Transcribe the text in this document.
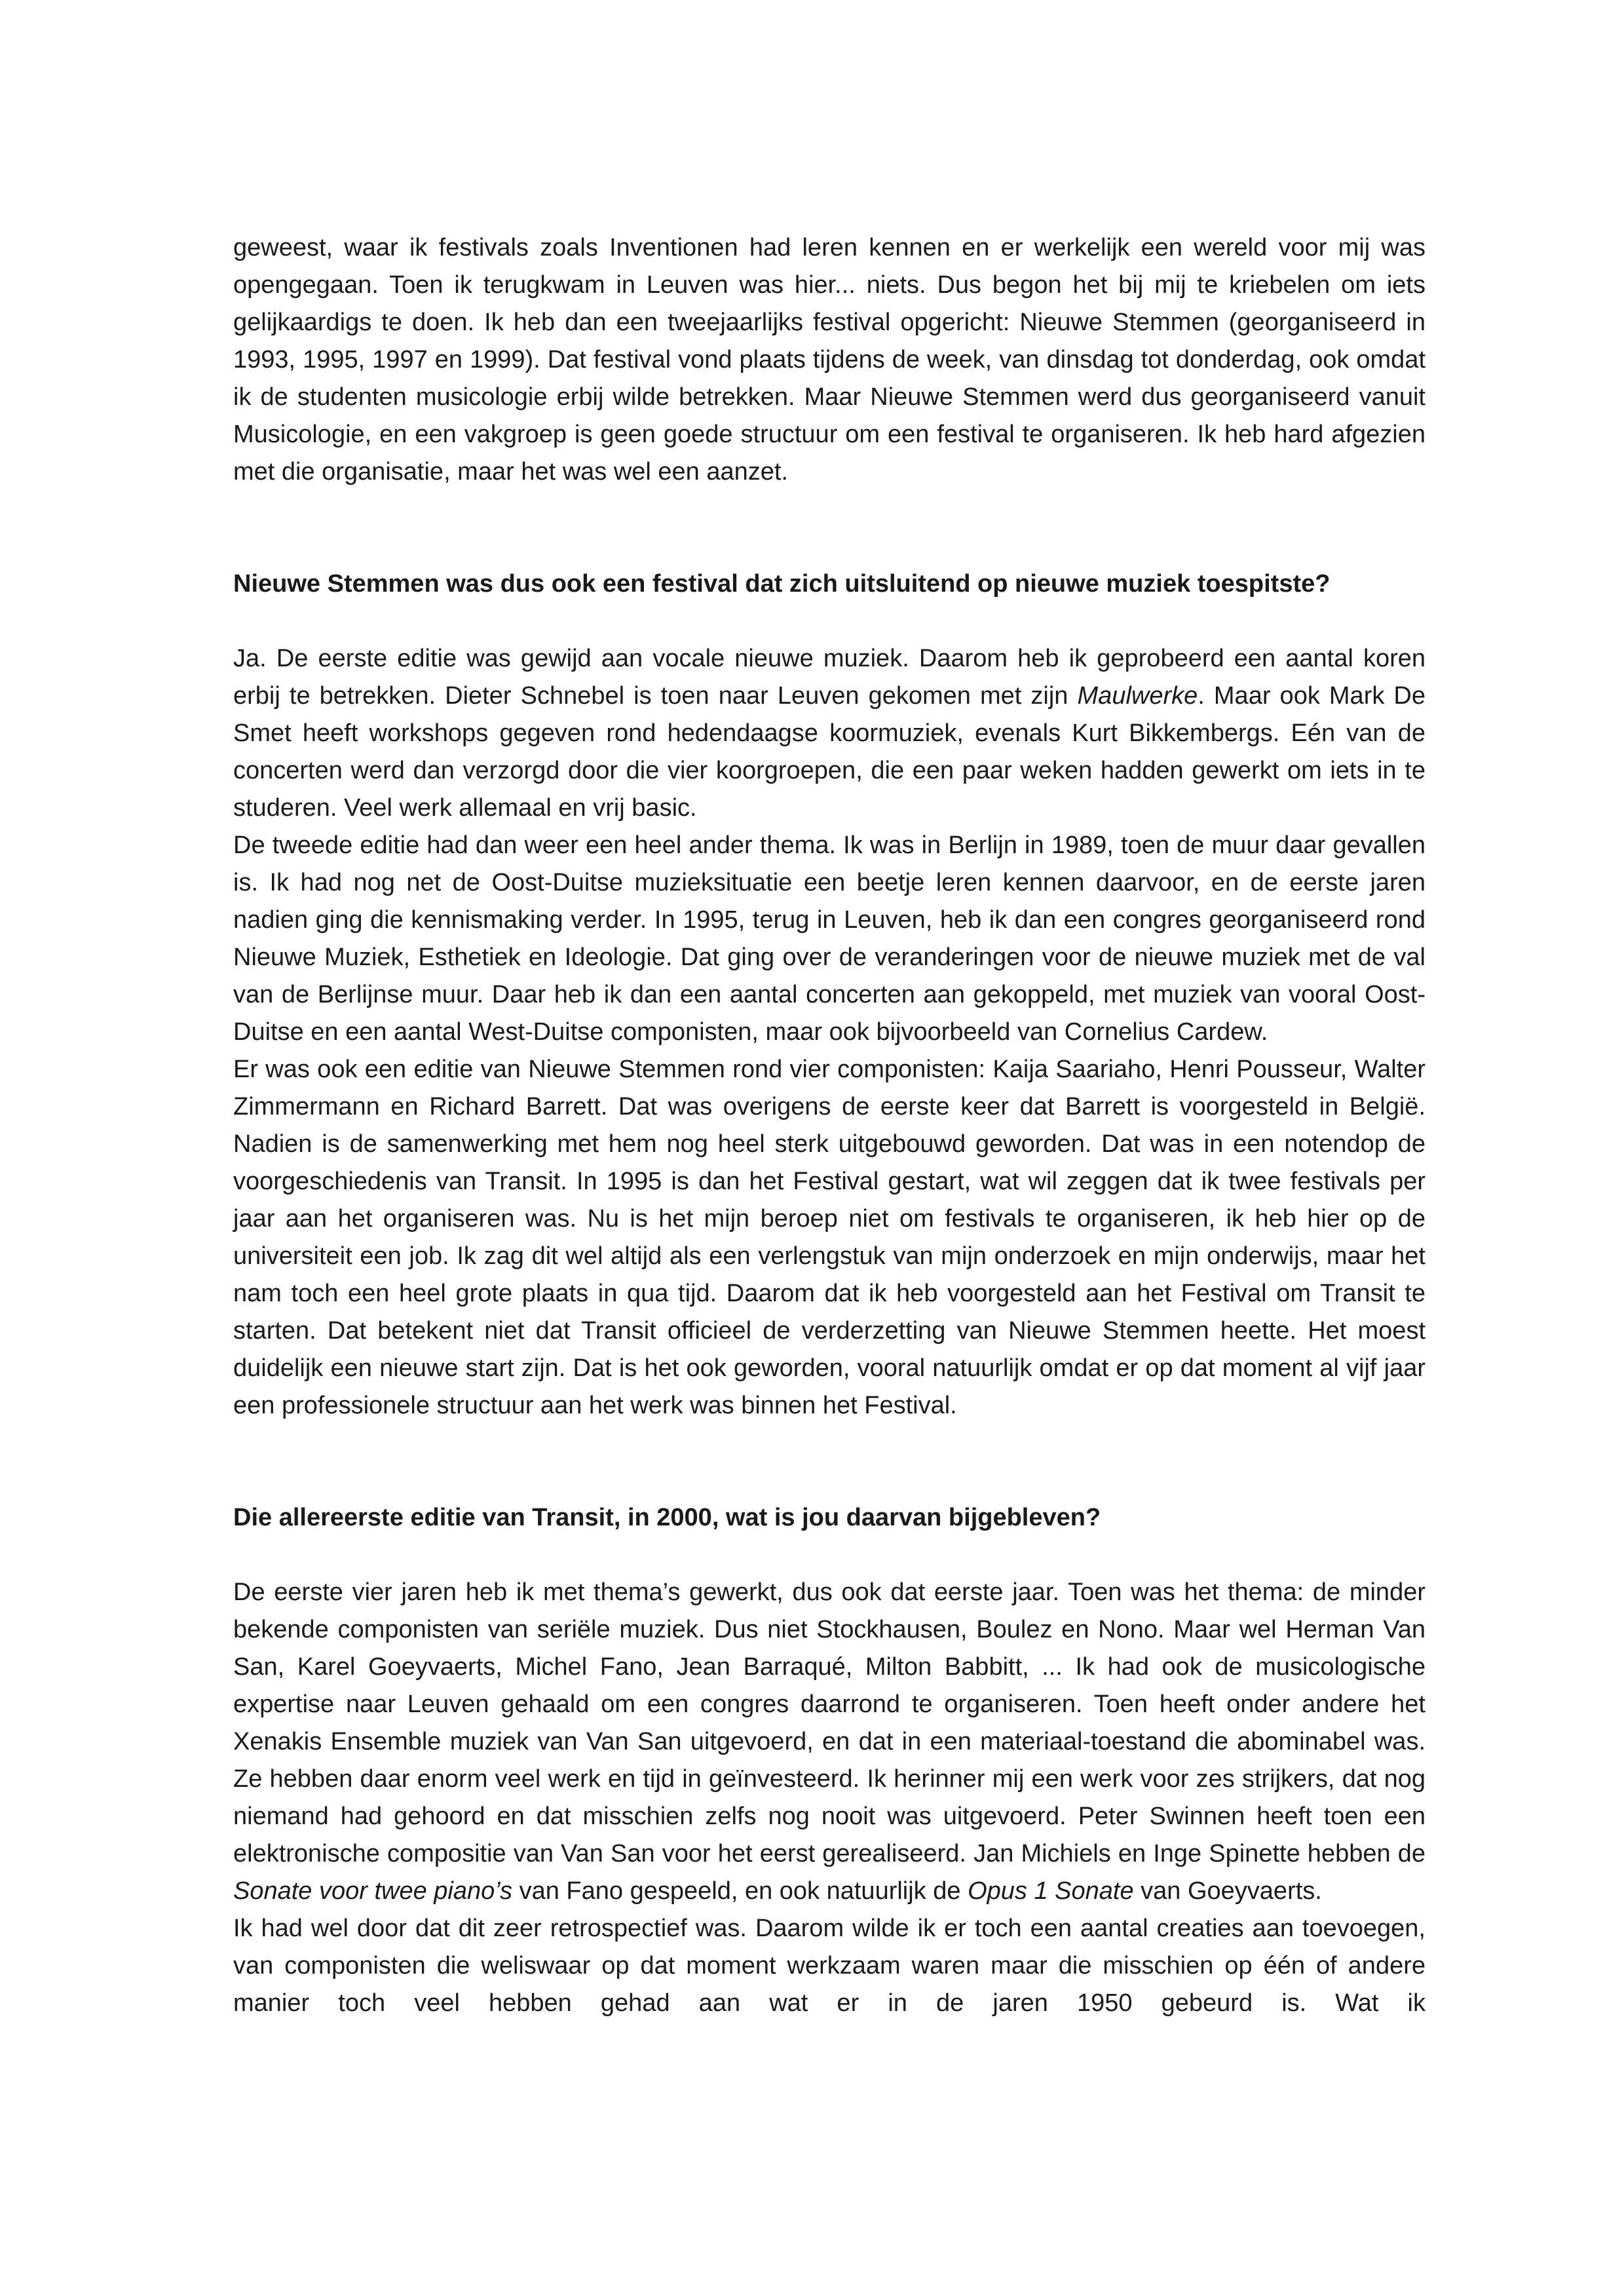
geweest, waar ik festivals zoals Inventionen had leren kennen en er werkelijk een wereld voor mij was opengegaan. Toen ik terugkwam in Leuven was hier... niets. Dus begon het bij mij te kriebelen om iets gelijkaardigs te doen. Ik heb dan een tweejaarlijks festival opgericht: Nieuwe Stemmen (georganiseerd in 1993, 1995, 1997 en 1999). Dat festival vond plaats tijdens de week, van dinsdag tot donderdag, ook omdat ik de studenten musicologie erbij wilde betrekken. Maar Nieuwe Stemmen werd dus georganiseerd vanuit Musicologie, en een vakgroep is geen goede structuur om een festival te organiseren. Ik heb hard afgezien met die organisatie, maar het was wel een aanzet.

Nieuwe Stemmen was dus ook een festival dat zich uitsluitend op nieuwe muziek toespitste?

Ja. De eerste editie was gewijd aan vocale nieuwe muziek. Daarom heb ik geprobeerd een aantal koren erbij te betrekken. Dieter Schnebel is toen naar Leuven gekomen met zijn Maulwerke. Maar ook Mark De Smet heeft workshops gegeven rond hedendaagse koormuziek, evenals Kurt Bikkembergs. Eén van de concerten werd dan verzorgd door die vier koorgroepen, die een paar weken hadden gewerkt om iets in te studeren. Veel werk allemaal en vrij basic.

De tweede editie had dan weer een heel ander thema. Ik was in Berlijn in 1989, toen de muur daar gevallen is. Ik had nog net de Oost-Duitse muzieksituatie een beetje leren kennen daarvoor, en de eerste jaren nadien ging die kennismaking verder. In 1995, terug in Leuven, heb ik dan een congres georganiseerd rond Nieuwe Muziek, Esthetiek en Ideologie. Dat ging over de veranderingen voor de nieuwe muziek met de val van de Berlijnse muur. Daar heb ik dan een aantal concerten aan gekoppeld, met muziek van vooral Oost-Duitse en een aantal West-Duitse componisten, maar ook bijvoorbeeld van Cornelius Cardew.

Er was ook een editie van Nieuwe Stemmen rond vier componisten: Kaija Saariaho, Henri Pousseur, Walter Zimmermann en Richard Barrett. Dat was overigens de eerste keer dat Barrett is voorgesteld in België. Nadien is de samenwerking met hem nog heel sterk uitgebouwd geworden. Dat was in een notendop de voorgeschiedenis van Transit. In 1995 is dan het Festival gestart, wat wil zeggen dat ik twee festivals per jaar aan het organiseren was. Nu is het mijn beroep niet om festivals te organiseren, ik heb hier op de universiteit een job. Ik zag dit wel altijd als een verlengstuk van mijn onderzoek en mijn onderwijs, maar het nam toch een heel grote plaats in qua tijd. Daarom dat ik heb voorgesteld aan het Festival om Transit te starten. Dat betekent niet dat Transit officieel de verderzetting van Nieuwe Stemmen heette. Het moest duidelijk een nieuwe start zijn. Dat is het ook geworden, vooral natuurlijk omdat er op dat moment al vijf jaar een professionele structuur aan het werk was binnen het Festival.

Die allereerste editie van Transit, in 2000, wat is jou daarvan bijgebleven?

De eerste vier jaren heb ik met thema’s gewerkt, dus ook dat eerste jaar. Toen was het thema: de minder bekende componisten van seriële muziek. Dus niet Stockhausen, Boulez en Nono. Maar wel Herman Van San, Karel Goeyvaerts, Michel Fano, Jean Barraqué, Milton Babbitt, ... Ik had ook de musicologische expertise naar Leuven gehaald om een congres daarrond te organiseren. Toen heeft onder andere het Xenakis Ensemble muziek van Van San uitgevoerd, en dat in een materiaal-toestand die abominabel was. Ze hebben daar enorm veel werk en tijd in geïnvesteerd. Ik herinner mij een werk voor zes strijkers, dat nog niemand had gehoord en dat misschien zelfs nog nooit was uitgevoerd. Peter Swinnen heeft toen een elektronische compositie van Van San voor het eerst gerealiseerd. Jan Michiels en Inge Spinette hebben de Sonate voor twee piano’s van Fano gespeeld, en ook natuurlijk de Opus 1 Sonate van Goeyvaerts.

Ik had wel door dat dit zeer retrospectief was. Daarom wilde ik er toch een aantal creaties aan toevoegen, van componisten die weliswaar op dat moment werkzaam waren maar die misschien op één of andere manier toch veel hebben gehad aan wat er in de jaren 1950 gebeurd is. Wat ik
